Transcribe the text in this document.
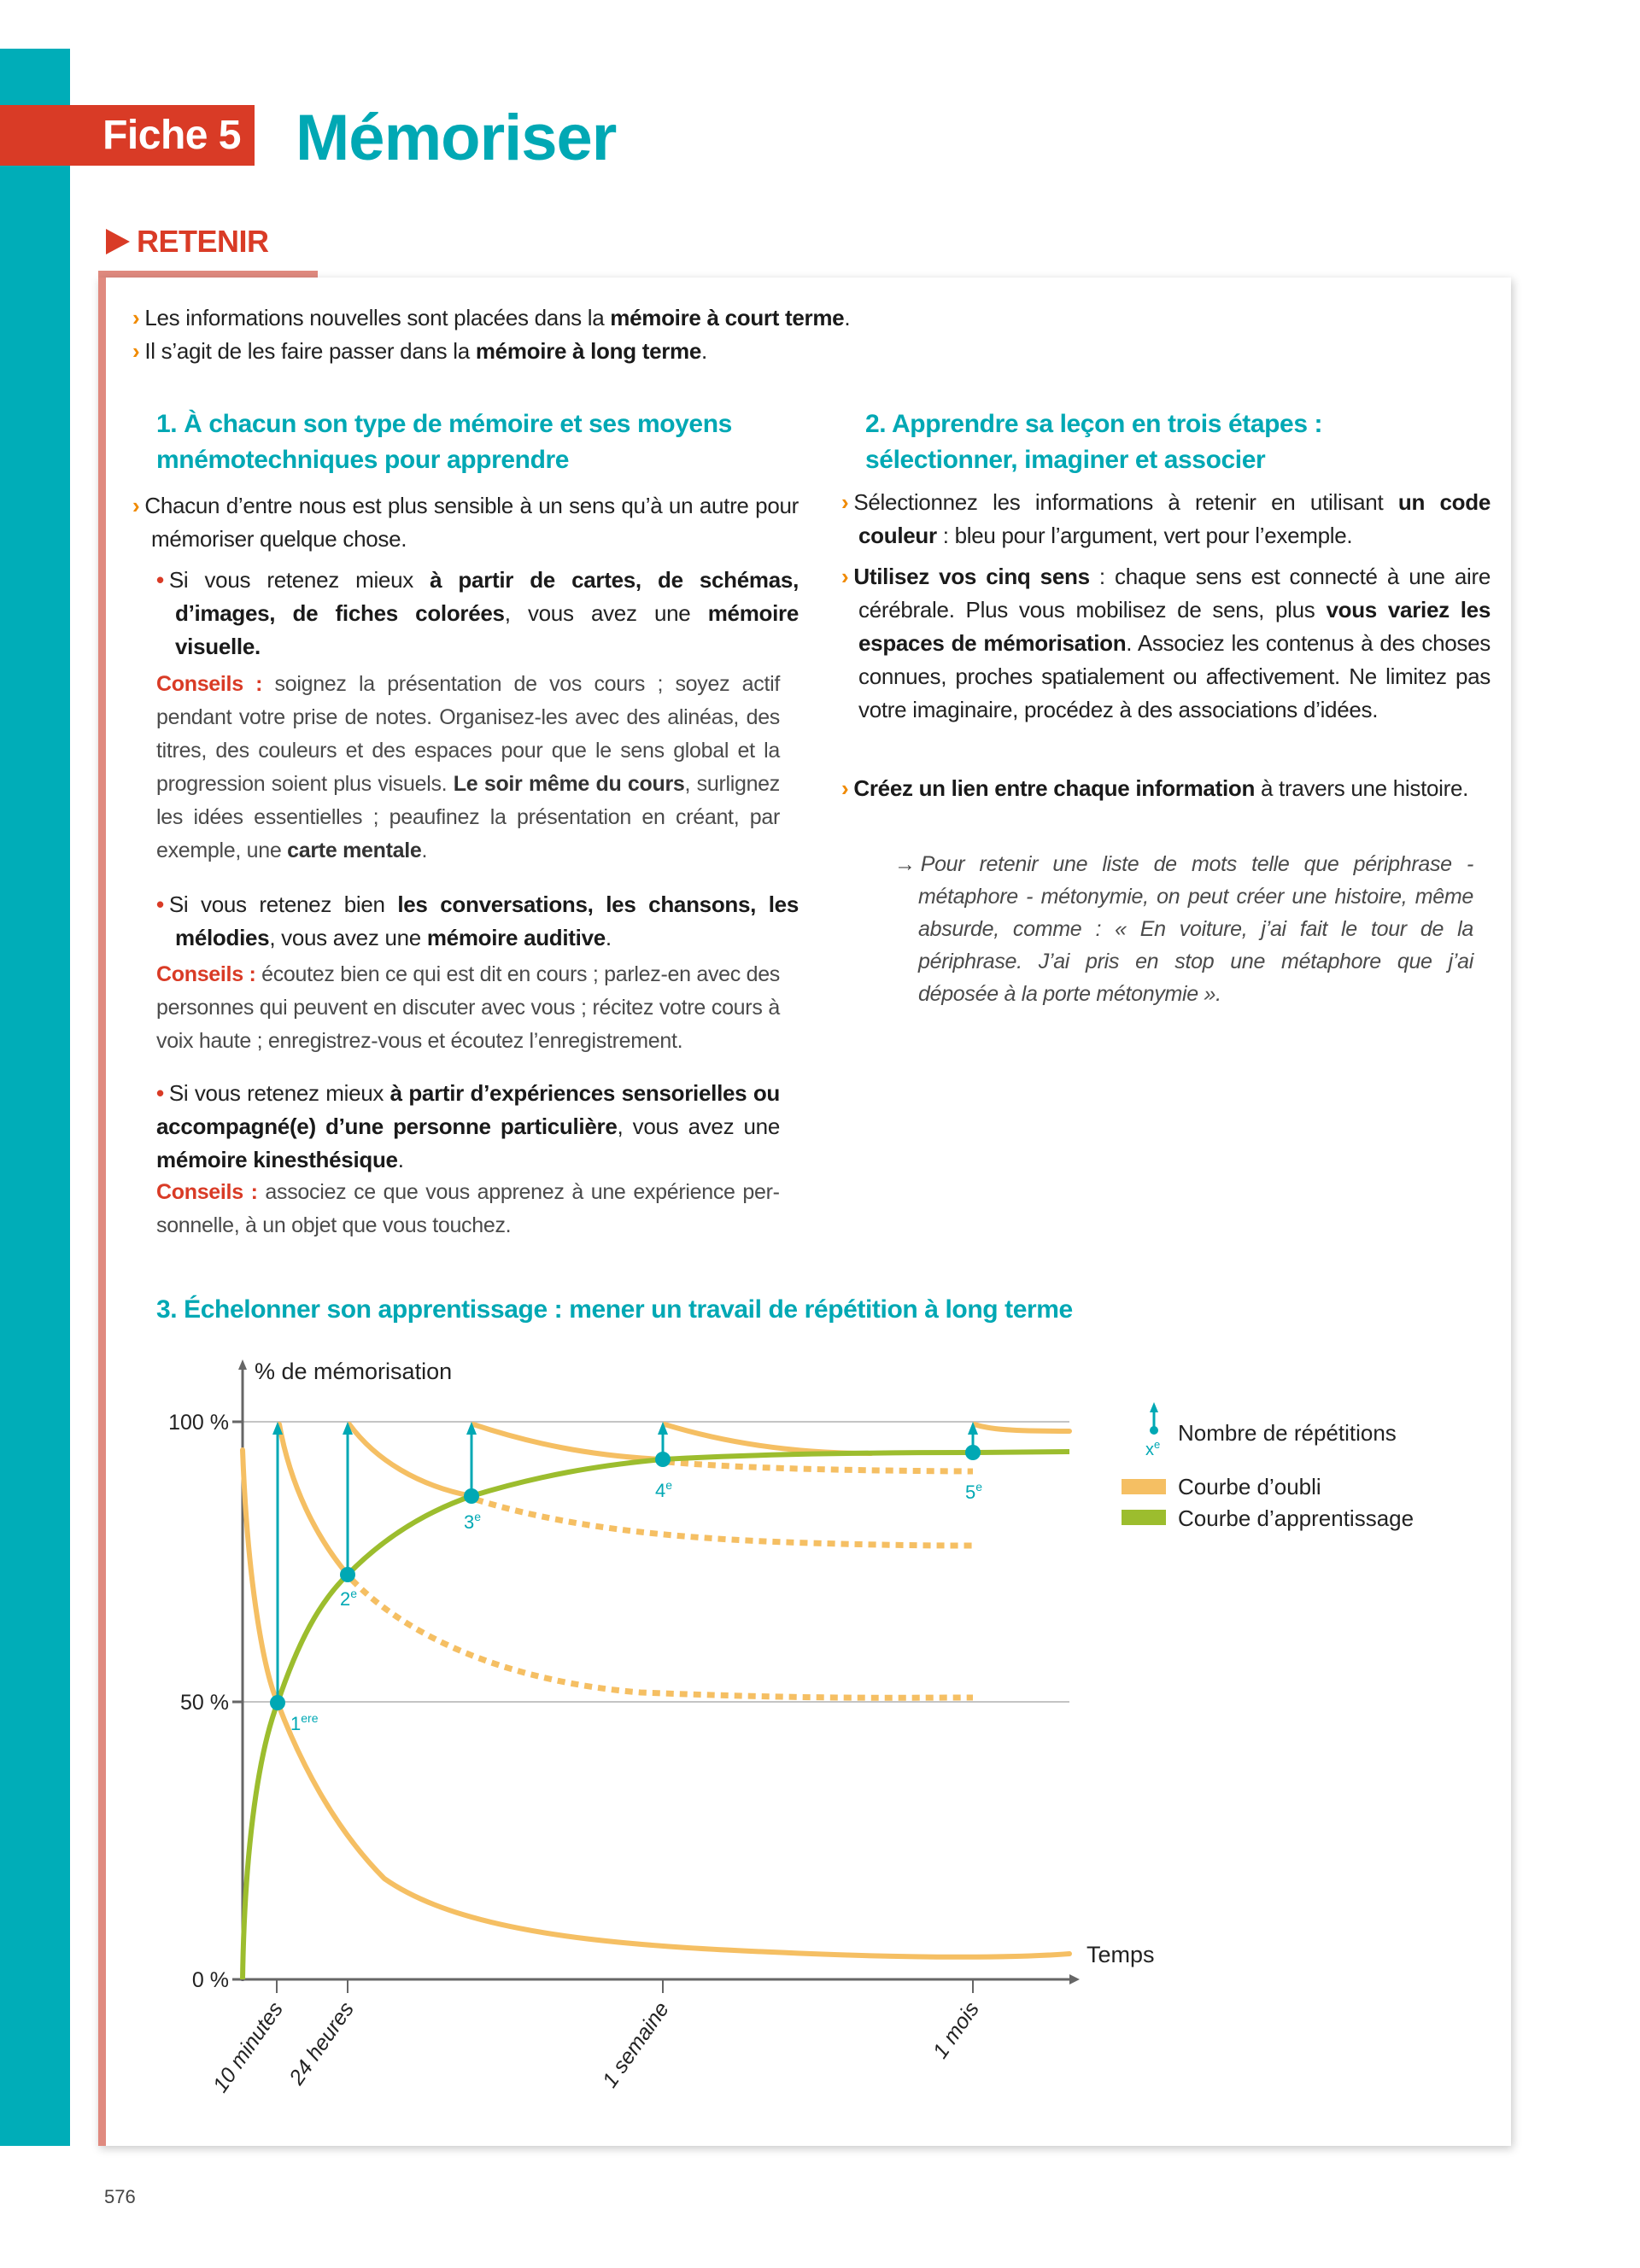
Fiche 5 Mémoriser
RETENIR
› Les informations nouvelles sont placées dans la mémoire à court terme.
› Il s’agit de les faire passer dans la mémoire à long terme.
1. À chacun son type de mémoire et ses moyens
mnémotechniques pour apprendre
› Chacun d’entre nous est plus sensible à un sens qu’à un autre pour mémoriser quelque chose.
• Si vous retenez mieux à partir de cartes, de schémas, d’images, de fiches colorées, vous avez une mémoire visuelle.
Conseils : soignez la présentation de vos cours ; soyez actif pendant votre prise de notes. Organisez-les avec des alinéas, des titres, des couleurs et des espaces pour que le sens global et la progression soient plus visuels. Le soir même du cours, surlignez les idées essentielles ; peaufinez la présentation en créant, par exemple, une carte mentale.
• Si vous retenez bien les conversations, les chansons, les mélodies, vous avez une mémoire auditive.
Conseils : écoutez bien ce qui est dit en cours ; parlez-en avec des personnes qui peuvent en discuter avec vous ; récitez votre cours à voix haute ; enregistrez-vous et écoutez l’enregistrement.
• Si vous retenez mieux à partir d’expériences sensorielles ou accompagné(e) d’une personne particulière, vous avez une mémoire kinesthésique.
Conseils : associez ce que vous apprenez à une expérience personnelle, à un objet que vous touchez.
2. Apprendre sa leçon en trois étapes :
sélectionner, imaginer et associer
› Sélectionnez les informations à retenir en utilisant un code couleur : bleu pour l’argument, vert pour l’exemple.
› Utilisez vos cinq sens : chaque sens est connecté à une aire cérébrale. Plus vous mobilisez de sens, plus vous variez les espaces de mémorisation. Associez les contenus à des choses connues, proches spatialement ou affectivement. Ne limitez pas votre imaginaire, procédez à des associations d’idées.
› Créez un lien entre chaque information à travers une histoire.
→ Pour retenir une liste de mots telle que périphrase - métaphore - métonymie, on peut créer une histoire, même absurde, comme : « En voiture, j’ai fait le tour de la périphrase. J’ai pris en stop une métaphore que j’ai déposée à la porte métonymie ».
3. Échelonner son apprentissage : mener un travail de répétition à long terme
% de mémorisation
100 %
50 %
0 %
Temps
10 minutes
24 heures	1 semaine	1 mois
1ere
2e
3e
4e	5e
$x^e$ Nombre de répétitions
Courbe d’oubli
Courbe d’apprentissage
576
